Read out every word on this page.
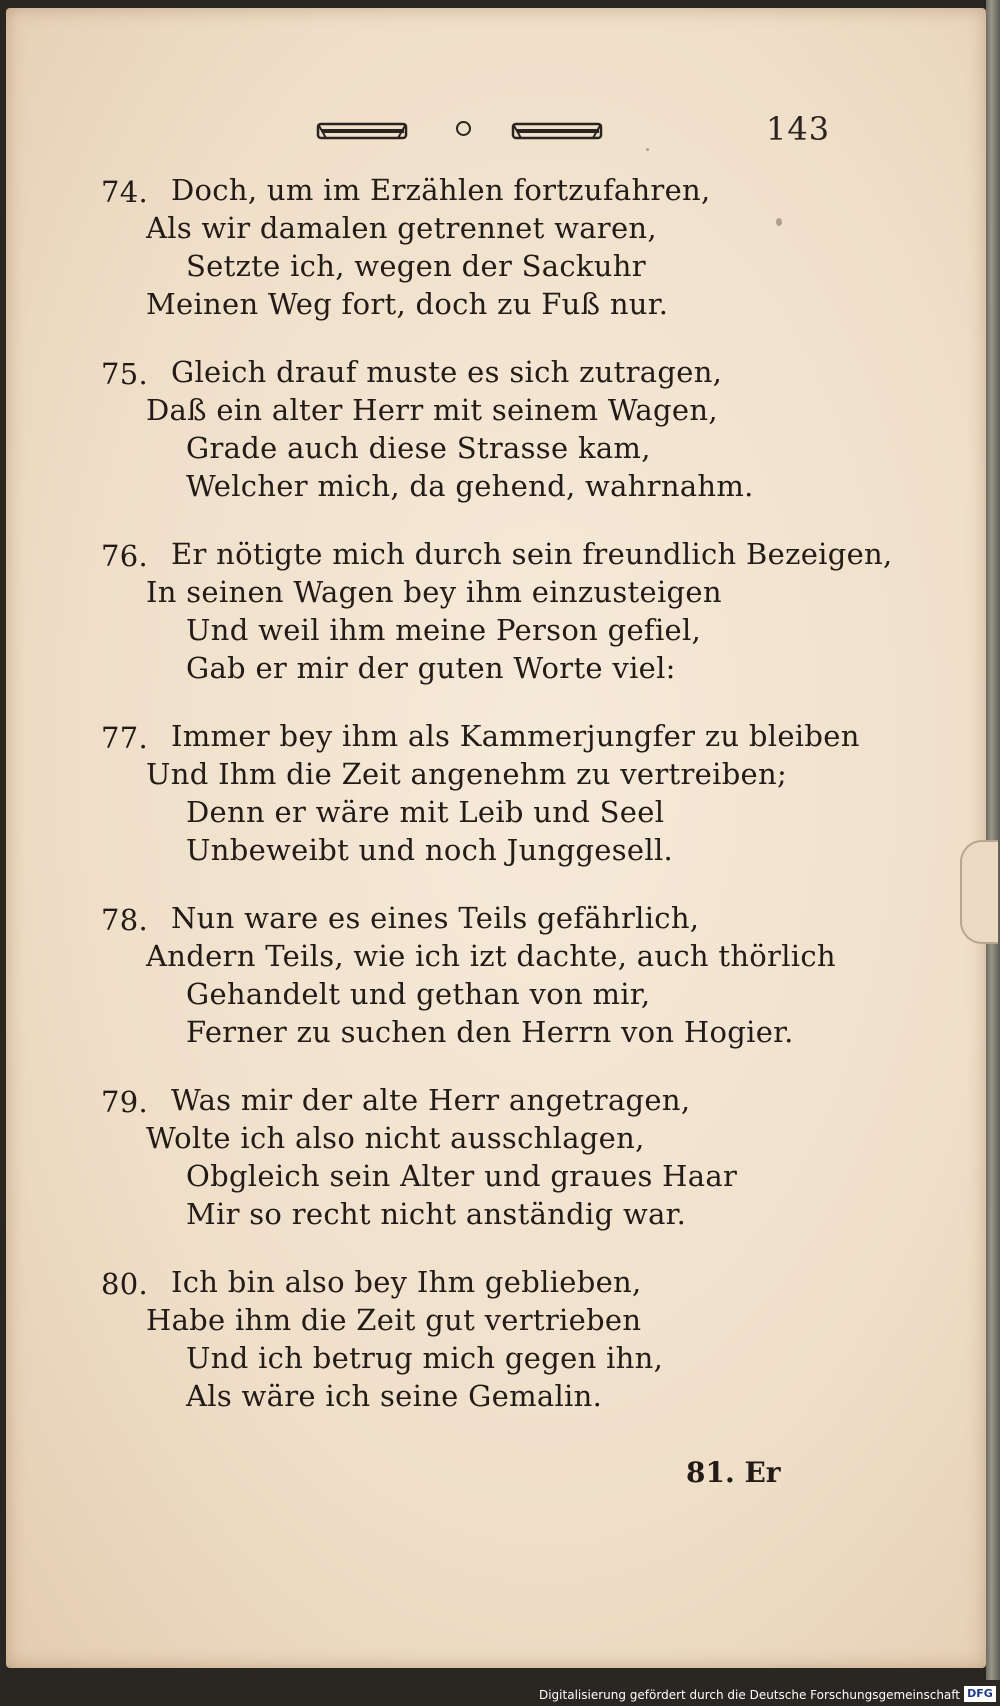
143
74. Doch, um im Erzählen fortzufahren,
Als wir damalen getrennet waren,
Setzte ich, wegen der Sackuhr
Meinen Weg fort, doch zu Fuß nur.
75. Gleich drauf muste es sich zutragen,
Daß ein alter Herr mit seinem Wagen,
Grade auch diese Strasse kam,
Welcher mich, da gehend, wahrnahm.
76. Er nötigte mich durch sein freundlich Bezeigen,
In seinen Wagen bey ihm einzusteigen
Und weil ihm meine Person gefiel,
Gab er mir der guten Worte viel:
77. Immer bey ihm als Kammerjungfer zu bleiben
Und Ihm die Zeit angenehm zu vertreiben;
Denn er wäre mit Leib und Seel
Unbeweibt und noch Junggesell.
78. Nun ware es eines Teils gefährlich,
Andern Teils, wie ich izt dachte, auch thörlich
Gehandelt und gethan von mir,
Ferner zu suchen den Herrn von Hogier.
79. Was mir der alte Herr angetragen,
Wolte ich also nicht ausschlagen,
Obgleich sein Alter und graues Haar
Mir so recht nicht anständig war.
80. Ich bin also bey Ihm geblieben,
Habe ihm die Zeit gut vertrieben
Und ich betrug mich gegen ihn,
Als wäre ich seine Gemalin.
81. Er
Digitalisierung gefördert durch die Deutsche Forschungsgemeinschaft DFG
